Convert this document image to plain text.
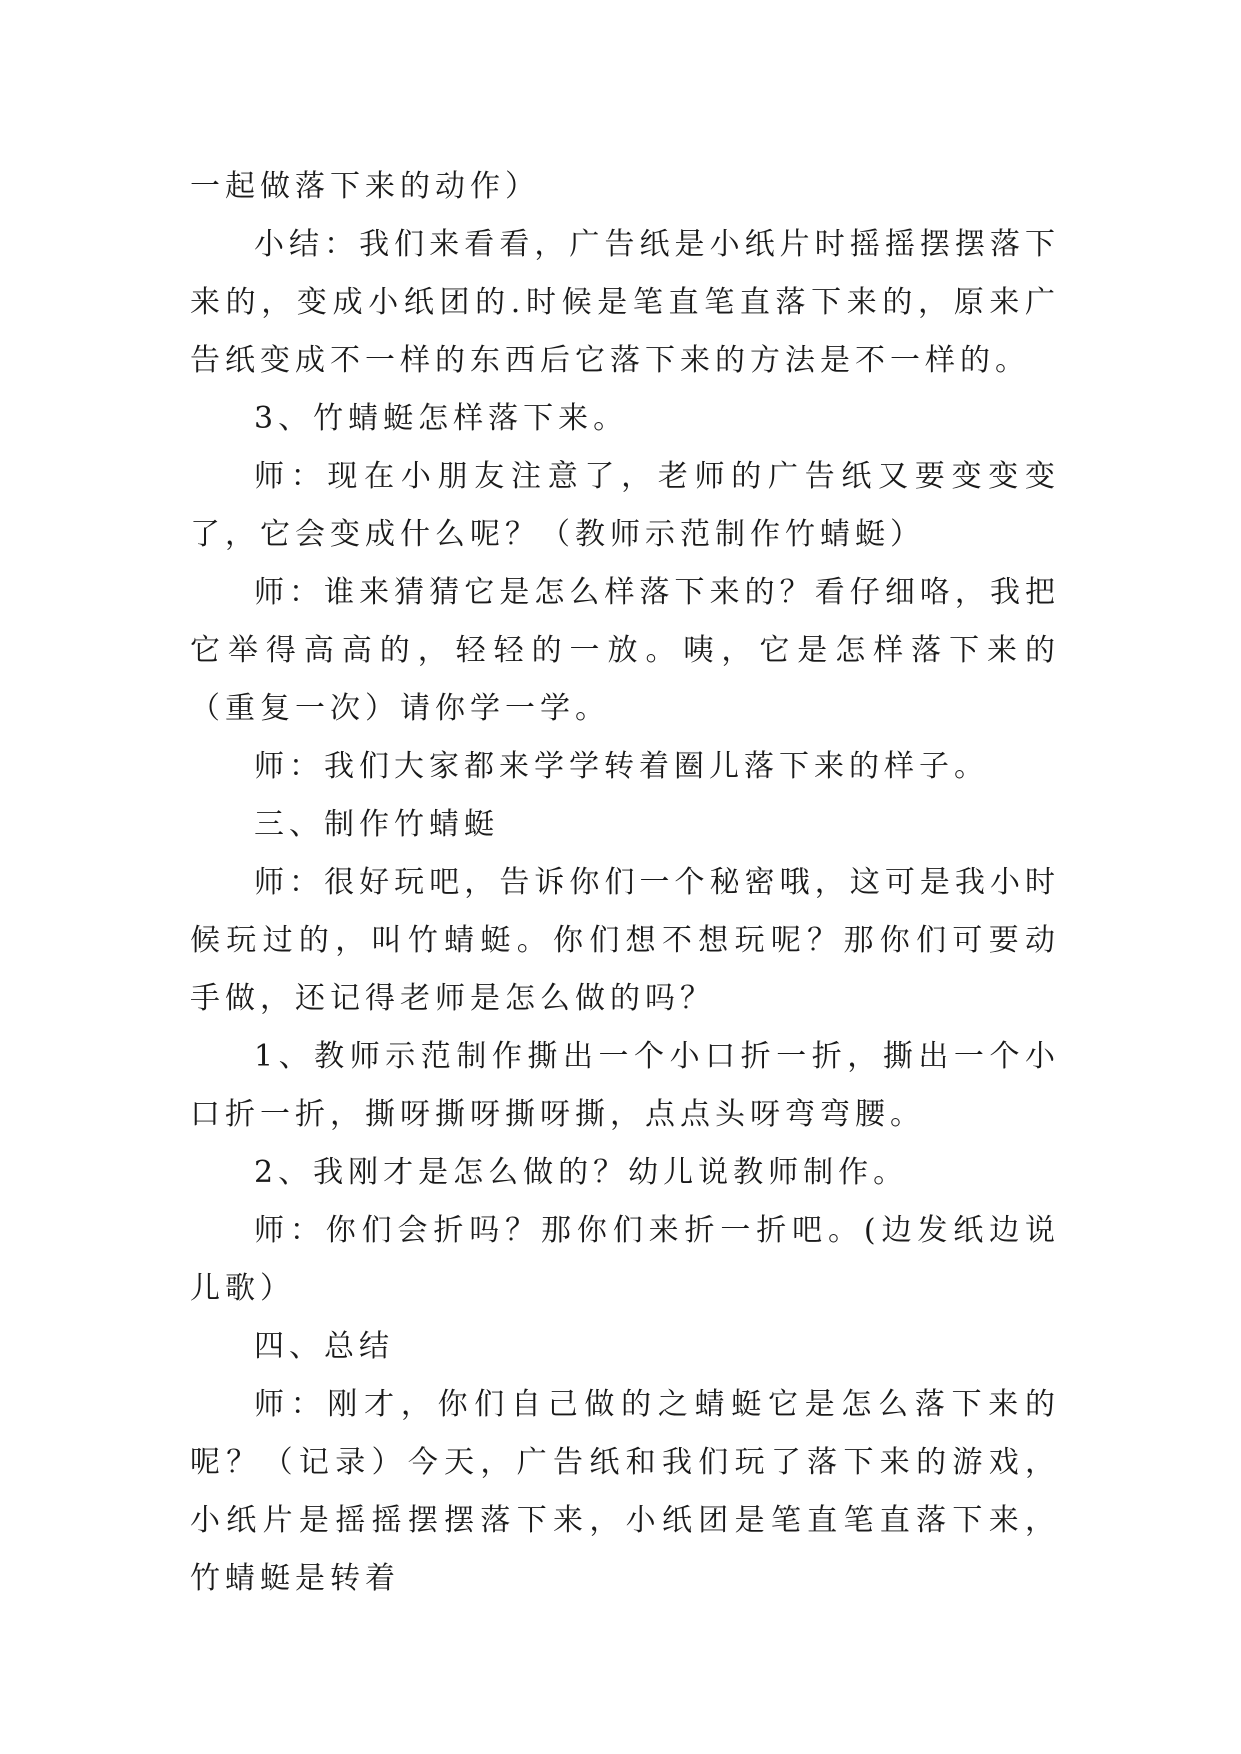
一起做落下来的动作）

小结：我们来看看，广告纸是小纸片时摇摇摆摆落下来的，变成小纸团的.时候是笔直笔直落下来的，原来广告纸变成不一样的东西后它落下来的方法是不一样的。

3、竹蜻蜓怎样落下来。

师：现在小朋友注意了，老师的广告纸又要变变变了，它会变成什么呢？（教师示范制作竹蜻蜓）

师：谁来猜猜它是怎么样落下来的？看仔细咯，我把它举得高高的，轻轻的一放。咦，它是怎样落下来的（重复一次）请你学一学。

师：我们大家都来学学转着圈儿落下来的样子。

三、制作竹蜻蜓

师：很好玩吧，告诉你们一个秘密哦，这可是我小时候玩过的，叫竹蜻蜓。你们想不想玩呢？那你们可要动手做，还记得老师是怎么做的吗？

1、教师示范制作撕出一个小口折一折，撕出一个小口折一折，撕呀撕呀撕呀撕，点点头呀弯弯腰。

2、我刚才是怎么做的？幼儿说教师制作。

师：你们会折吗？那你们来折一折吧。(边发纸边说儿歌）

四、总结

师：刚才，你们自己做的之蜻蜓它是怎么落下来的呢？（记录）今天，广告纸和我们玩了落下来的游戏，小纸片是摇摇摆摆落下来，小纸团是笔直笔直落下来，竹蜻蜓是转着
